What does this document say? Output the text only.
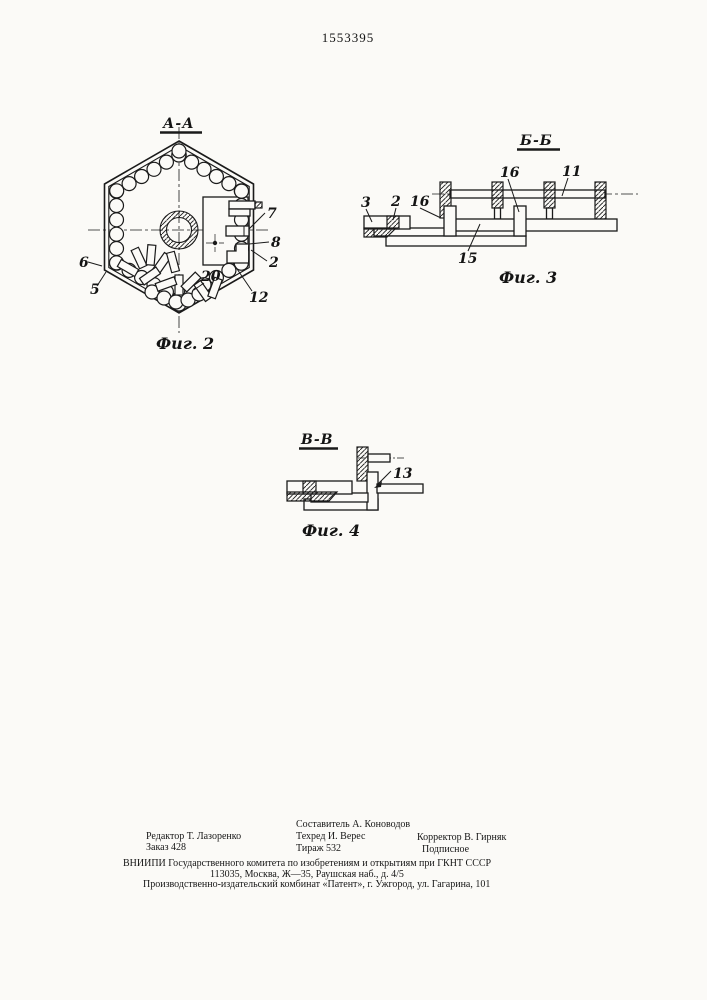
1553395
А-А
7
8
2
12
20
6
5
Фиг. 2
Б-Б
3 2 16
16	11
15
Фиг. 3
В-В
13
Фиг. 4
Составитель А. Коноводов
Редактор Т. Лазоренко	Техред И. Верес	Корректор В. Гирняк
Заказ 428	Тираж 532	Подписное
ВНИИПИ Государственного комитета по изобретениям и открытиям при ГКНТ СССР
113035, Москва, Ж—35, Раушская наб., д. 4/5
Производственно-издательский комбинат «Патент», г. Ужгород, ул. Гагарина, 101
